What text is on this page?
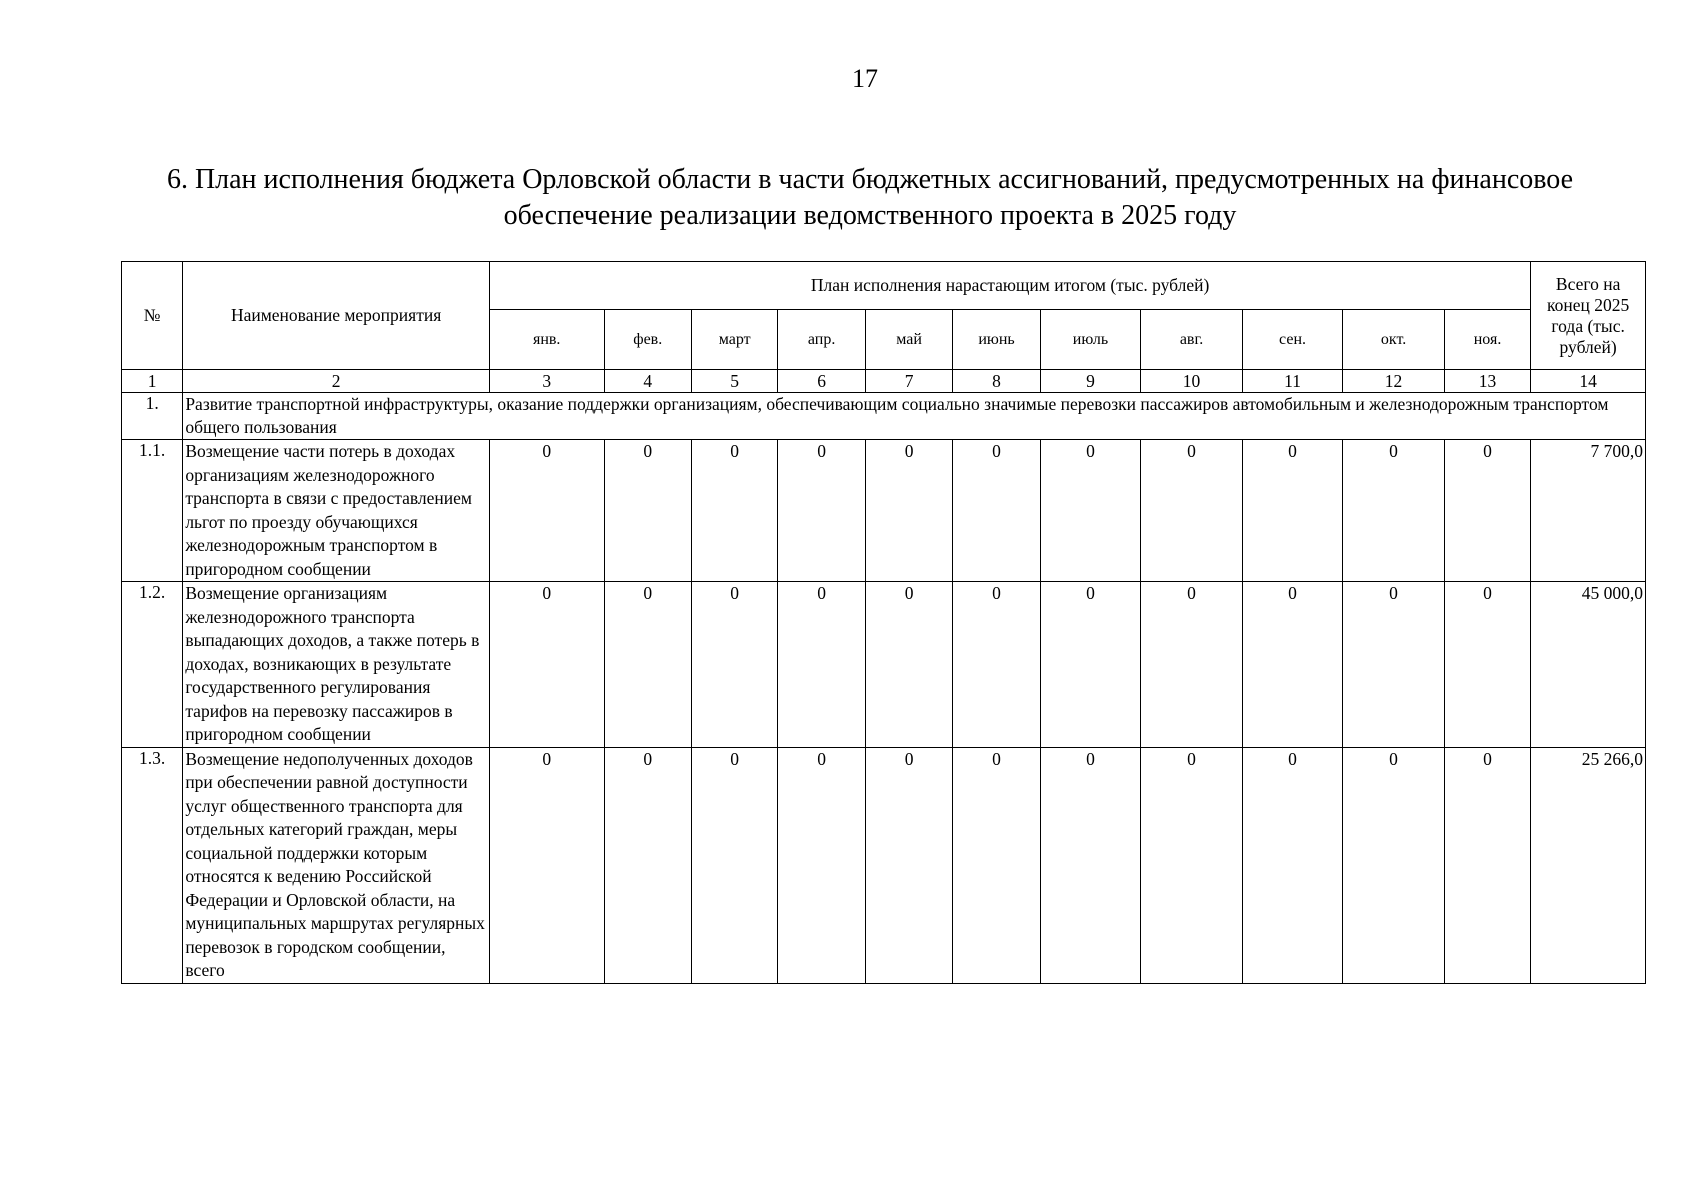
17
6. План исполнения бюджета Орловской области в части бюджетных ассигнований, предусмотренных на финансовое
обеспечение реализации ведомственного проекта в 2025 году
№	Наименование мероприятия	План исполнения нарастающим итогом (тыс. рублей)											Всего на конец 2025 года (тыс. рублей)
		янв.	фев.	март	апр.	май	июнь	июль	авг.	сен.	окт.	ноя.	
1	2	3	4	5	6	7	8	9	10	11	12	13	14
1.	Развитие транспортной инфраструктуры, оказание поддержки организациям, обеспечивающим социально значимые перевозки пассажиров автомобильным и железнодорожным транспортом общего пользования												
1.1.	Возмещение части потерь в доходах организациям железнодорожного транспорта в связи с предоставлением льгот по проезду обучающихся железнодорожным транспортом в пригородном сообщении	0	0	0	0	0	0	0	0	0	0	0	7 700,0
1.2.	Возмещение организациям железнодорожного транспорта выпадающих доходов, а также потерь в доходах, возникающих в результате государственного регулирования тарифов на перевозку пассажиров в пригородном сообщении	0	0	0	0	0	0	0	0	0	0	0	45 000,0
1.3.	Возмещение недополученных доходов при обеспечении равной доступности услуг общественного транспорта для отдельных категорий граждан, меры социальной поддержки которым относятся к ведению Российской Федерации и Орловской области, на муниципальных маршрутах регулярных перевозок в городском сообщении, всего	0	0	0	0	0	0	0	0	0	0	0	25 266,0
